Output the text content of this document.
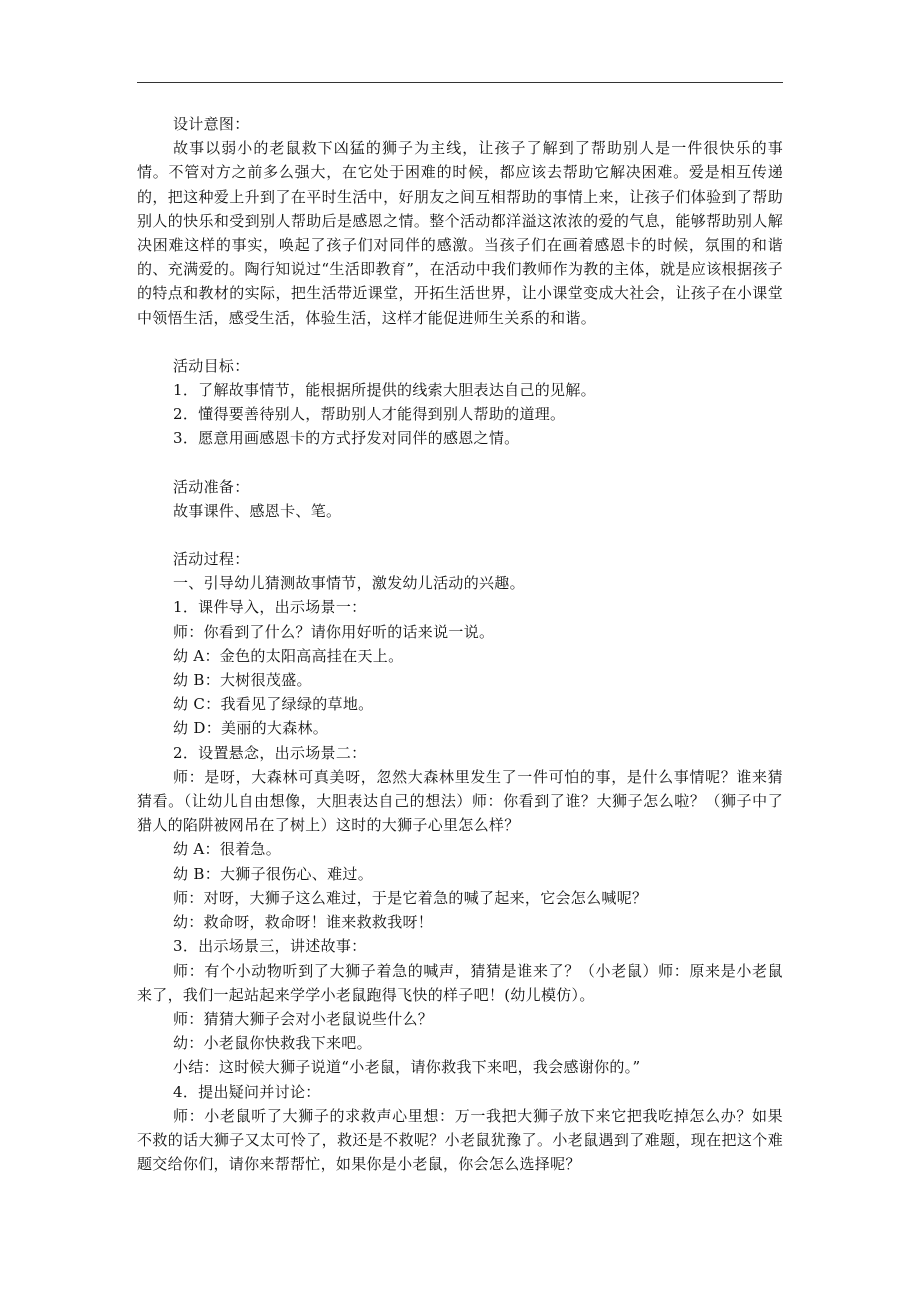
设计意图：

故事以弱小的老鼠救下凶猛的狮子为主线，让孩子了解到了帮助别人是一件很快乐的事情。不管对方之前多么强大，在它处于困难的时候，都应该去帮助它解决困难。爱是相互传递的，把这种爱上升到了在平时生活中，好朋友之间互相帮助的事情上来，让孩子们体验到了帮助别人的快乐和受到别人帮助后是感恩之情。整个活动都洋溢这浓浓的爱的气息，能够帮助别人解决困难这样的事实，唤起了孩子们对同伴的感激。当孩子们在画着感恩卡的时候，氛围的和谐的、充满爱的。陶行知说过“生活即教育”，在活动中我们教师作为教的主体，就是应该根据孩子的特点和教材的实际，把生活带近课堂，开拓生活世界，让小课堂变成大社会，让孩子在小课堂中领悟生活，感受生活，体验生活，这样才能促进师生关系的和谐。

活动目标：

1．了解故事情节，能根据所提供的线索大胆表达自己的见解。

2．懂得要善待别人，帮助别人才能得到别人帮助的道理。

3．愿意用画感恩卡的方式抒发对同伴的感恩之情。

活动准备：

故事课件、感恩卡、笔。

活动过程：

一、引导幼儿猜测故事情节，激发幼儿活动的兴趣。

1．课件导入，出示场景一：

师：你看到了什么？请你用好听的话来说一说。

幼 A：金色的太阳高高挂在天上。

幼 B：大树很茂盛。

幼 C：我看见了绿绿的草地。

幼 D：美丽的大森林。

2．设置悬念，出示场景二：

师：是呀，大森林可真美呀，忽然大森林里发生了一件可怕的事，是什么事情呢？谁来猜猜看。（让幼儿自由想像，大胆表达自己的想法）师：你看到了谁？大狮子怎么啦？（狮子中了猎人的陷阱被网吊在了树上）这时的大狮子心里怎么样？

幼 A：很着急。

幼 B：大狮子很伤心、难过。

师：对呀，大狮子这么难过，于是它着急的喊了起来，它会怎么喊呢？

幼：救命呀，救命呀！谁来救救我呀！

3．出示场景三，讲述故事：

师：有个小动物听到了大狮子着急的喊声，猜猜是谁来了？（小老鼠）师：原来是小老鼠来了，我们一起站起来学学小老鼠跑得飞快的样子吧！(幼儿模仿）。

师：猜猜大狮子会对小老鼠说些什么？

幼：小老鼠你快救我下来吧。

小结：这时候大狮子说道“小老鼠，请你救我下来吧，我会感谢你的。”

4．提出疑问并讨论：

师：小老鼠听了大狮子的求救声心里想：万一我把大狮子放下来它把我吃掉怎么办？如果不救的话大狮子又太可怜了，救还是不救呢？小老鼠犹豫了。小老鼠遇到了难题，现在把这个难题交给你们，请你来帮帮忙，如果你是小老鼠，你会怎么选择呢？
